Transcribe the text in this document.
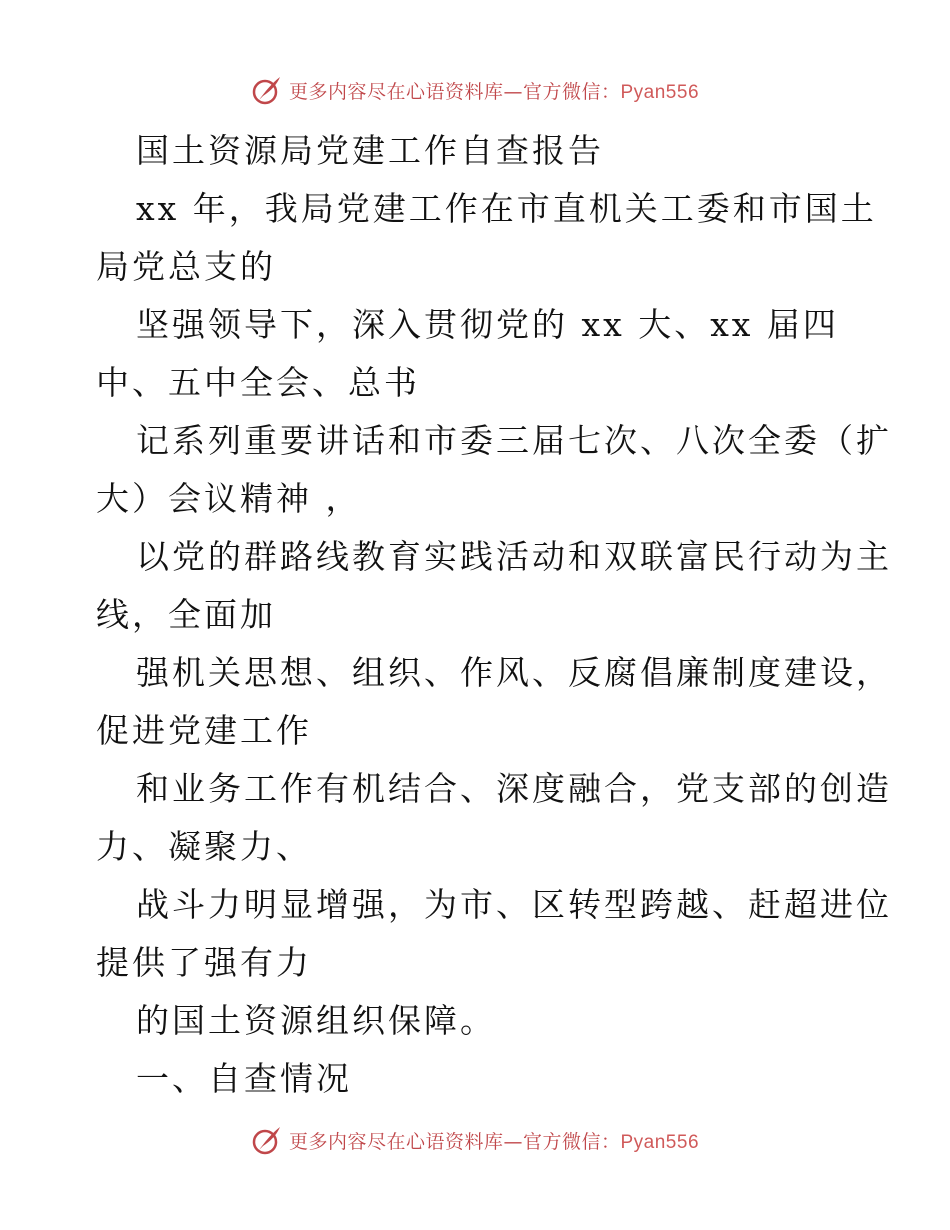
更多内容尽在心语资料库—官方微信：Pyan556
国土资源局党建工作自查报告
xx 年，我局党建工作在市直机关工委和市国土
局党总支的
坚强领导下，深入贯彻党的 xx 大、xx 届四
中、五中全会、总书
记系列重要讲话和市委三届七次、八次全委（扩
大）会议精神 ，
以党的群路线教育实践活动和双联富民行动为主
线，全面加
强机关思想、组织、作风、反腐倡廉制度建设，
促进党建工作
和业务工作有机结合、深度融合，党支部的创造
力、凝聚力、
战斗力明显增强，为市、区转型跨越、赶超进位
提供了强有力
的国土资源组织保障。
一、自查情况
更多内容尽在心语资料库—官方微信：Pyan556
